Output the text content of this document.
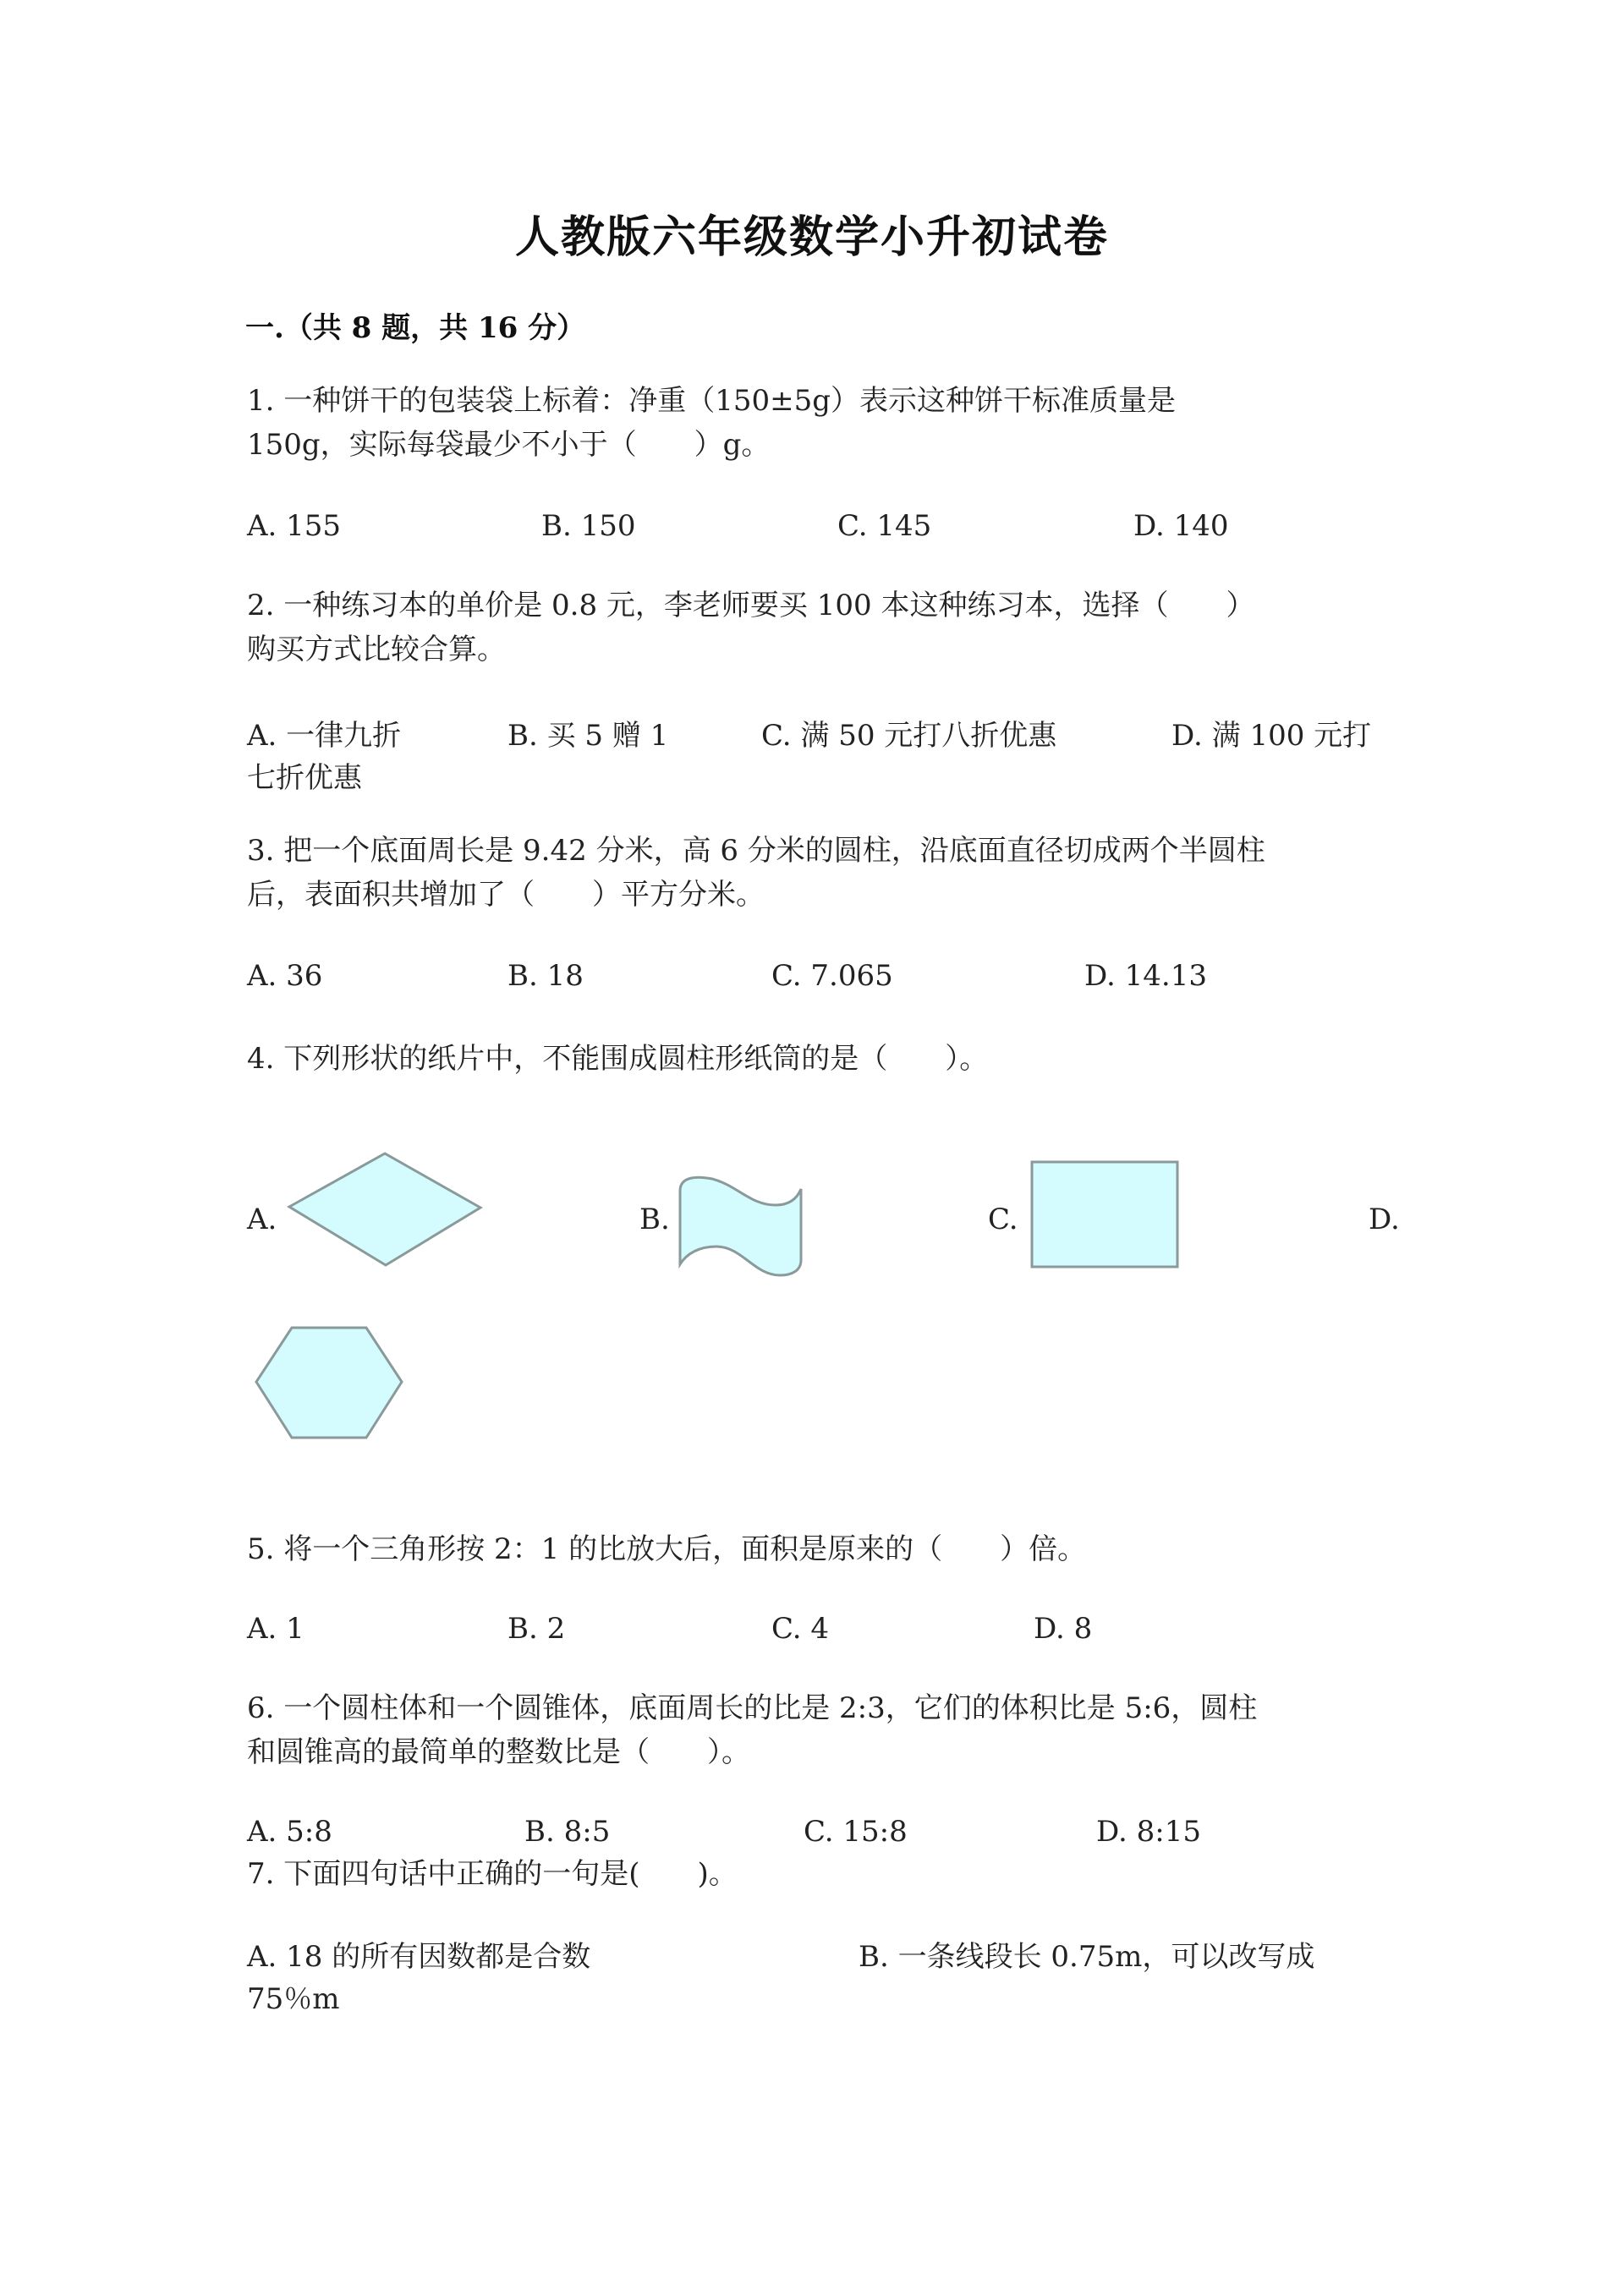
人教版六年级数学小升初试卷
一.（共 8 题，共 16 分）
1. 一种饼干的包装袋上标着：净重（150±5g）表示这种饼干标准质量是
150g，实际每袋最少不小于（　　）g。
A. 155	B. 150	C. 145	D. 140
2. 一种练习本的单价是 0.8 元，李老师要买 100 本这种练习本，选择（　　）
购买方式比较合算。
A. 一律九折	B. 买 5 赠 1	C. 满 50 元打八折优惠	D. 满 100 元打
七折优惠
3. 把一个底面周长是 9.42 分米，高 6 分米的圆柱，沿底面直径切成两个半圆柱
后，表面积共增加了（　　）平方分米。
A. 36	B. 18	C. 7.065	D. 14.13
4. 下列形状的纸片中，不能围成圆柱形纸筒的是（　　）。
A.	B.	C.	D.
5. 将一个三角形按 2：1 的比放大后，面积是原来的（　　）倍。
A. 1	B. 2	C. 4	D. 8
6. 一个圆柱体和一个圆锥体，底面周长的比是 2:3，它们的体积比是 5:6，圆柱
和圆锥高的最简单的整数比是（　　）。
A. 5:8	B. 8:5	C. 15:8	D. 8:15
7. 下面四句话中正确的一句是(　　)。
A. 18 的所有因数都是合数	B. 一条线段长 0.75m，可以改写成
75％m
